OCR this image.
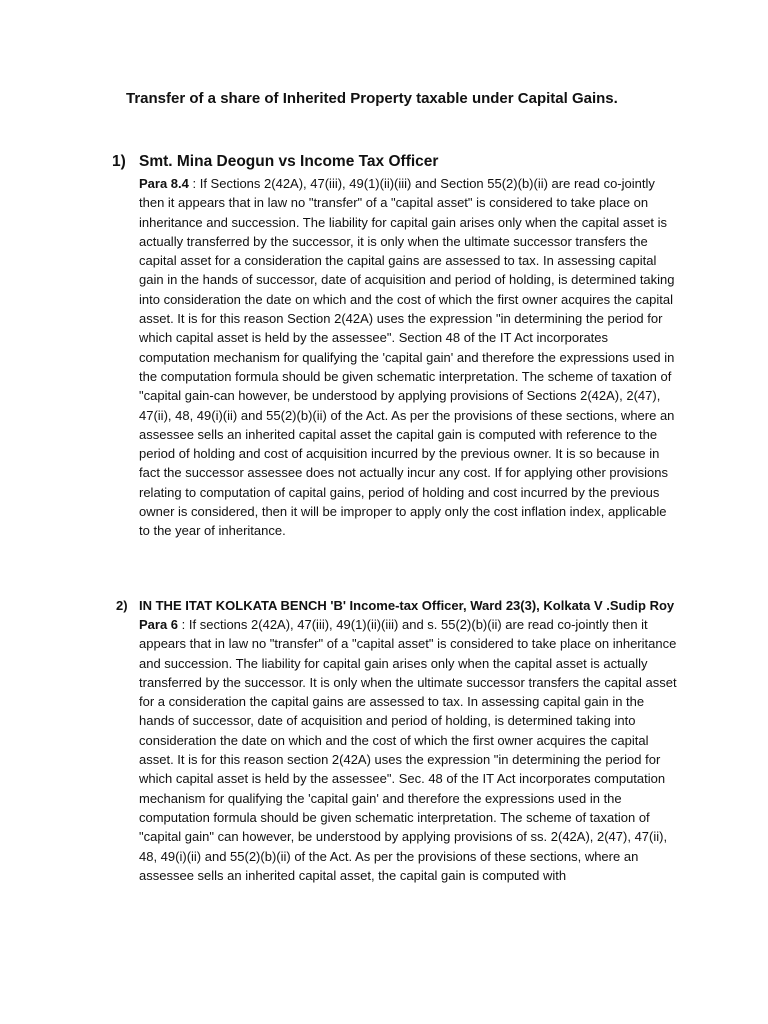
Transfer of a share of Inherited Property taxable under Capital Gains.
1) Smt. Mina Deogun vs Income Tax Officer
Para 8.4 : If Sections 2(42A), 47(iii), 49(1)(ii)(iii) and Section 55(2)(b)(ii) are read co-jointly then it appears that in law no "transfer" of a "capital asset" is considered to take place on inheritance and succession. The liability for capital gain arises only when the capital asset is actually transferred by the successor, it is only when the ultimate successor transfers the capital asset for a consideration the capital gains are assessed to tax. In assessing capital gain in the hands of successor, date of acquisition and period of holding, is determined taking into consideration the date on which and the cost of which the first owner acquires the capital asset. It is for this reason Section 2(42A) uses the expression "in determining the period for which capital asset is held by the assessee". Section 48 of the IT Act incorporates computation mechanism for qualifying the 'capital gain' and therefore the expressions used in the computation formula should be given schematic interpretation. The scheme of taxation of "capital gain-can however, be understood by applying provisions of Sections 2(42A), 2(47), 47(ii), 48, 49(i)(ii) and 55(2)(b)(ii) of the Act. As per the provisions of these sections, where an assessee sells an inherited capital asset the capital gain is computed with reference to the period of holding and cost of acquisition incurred by the previous owner. It is so because in fact the successor assessee does not actually incur any cost. If for applying other provisions relating to computation of capital gains, period of holding and cost incurred by the previous owner is considered, then it will be improper to apply only the cost inflation index, applicable to the year of inheritance.
2) IN THE ITAT KOLKATA BENCH 'B' Income-tax Officer, Ward 23(3), Kolkata V .Sudip Roy
Para 6 : If sections 2(42A), 47(iii), 49(1)(ii)(iii) and s. 55(2)(b)(ii) are read co-jointly then it appears that in law no "transfer" of a "capital asset" is considered to take place on inheritance and succession. The liability for capital gain arises only when the capital asset is actually transferred by the successor. It is only when the ultimate successor transfers the capital asset for a consideration the capital gains are assessed to tax. In assessing capital gain in the hands of successor, date of acquisition and period of holding, is determined taking into consideration the date on which and the cost of which the first owner acquires the capital asset. It is for this reason section 2(42A) uses the expression "in determining the period for which capital asset is held by the assessee". Sec. 48 of the IT Act incorporates computation mechanism for qualifying the 'capital gain' and therefore the expressions used in the computation formula should be given schematic interpretation. The scheme of taxation of "capital gain" can however, be understood by applying provisions of ss. 2(42A), 2(47), 47(ii), 48, 49(i)(ii) and 55(2)(b)(ii) of the Act. As per the provisions of these sections, where an assessee sells an inherited capital asset, the capital gain is computed with
